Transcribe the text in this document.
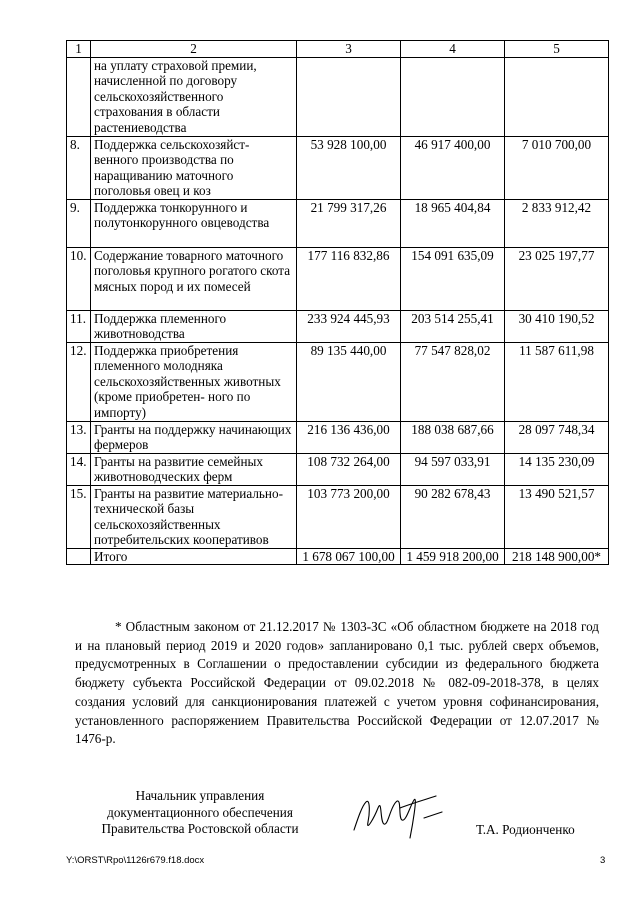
1	2	3	4	5
	на уплату страховой премии, начисленной по договору сельскохозяйственного страхования в области растениеводства			
8.	Поддержка сельскохозяйст- венного производства по наращиванию маточного поголовья овец и коз	53 928 100,00	46 917 400,00	7 010 700,00
9.	Поддержка тонкорунного и полутонкорунного овцеводства	21 799 317,26	18 965 404,84	2 833 912,42
10.	Содержание товарного маточного поголовья крупного рогатого скота мясных пород и их помесей	177 116 832,86	154 091 635,09	23 025 197,77
11.	Поддержка племенного животноводства	233 924 445,93	203 514 255,41	30 410 190,52
12.	Поддержка приобретения племенного молодняка сельскохозяйственных животных (кроме приобретен- ного по импорту)	89 135 440,00	77 547 828,02	11 587 611,98
13.	Гранты на поддержку начинающих фермеров	216 136 436,00	188 038 687,66	28 097 748,34
14.	Гранты на развитие семейных животноводческих ферм	108 732 264,00	94 597 033,91	14 135 230,09
15.	Гранты на развитие материально-технической базы сельскохозяйственных потребительских кооперативов	103 773 200,00	90 282 678,43	13 490 521,57
	Итого	1 678 067 100,00	1 459 918 200,00	218 148 900,00*
* Областным законом от 21.12.2017 № 1303-ЗС «Об областном бюджете на 2018 год и на плановый период 2019 и 2020 годов» запланировано 0,1 тыс. рублей сверх объемов, предусмотренных в Соглашении о предоставлении субсидии из федерального бюджета бюджету субъекта Российской Федерации от 09.02.2018 № 082-09-2018-378, в целях создания условий для санкционирования платежей с учетом уровня софинансирования, установленного распоряжением Правительства Российской Федерации от 12.07.2017 № 1476-р.
Начальник управления
документационного обеспечения
Правительства Ростовской области	Т.А. Родионченко
Y:\ORST\Rpo\1126r679.f18.docx	3
